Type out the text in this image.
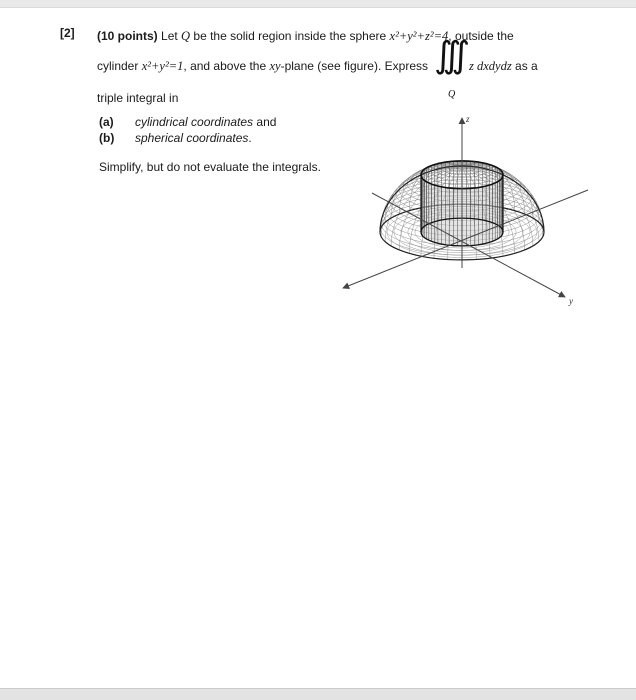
[2] (10 points) Let Q be the solid region inside the sphere x²+y²+z²=4, outside the
cylinder x²+y²=1, and above the xy-plane (see figure). Express ∫∫∫
Q
z dxdydz as a
triple integral in
(a) cylindrical coordinates and
(b) spherical coordinates.
Simplify, but do not evaluate the integrals.
z
y
